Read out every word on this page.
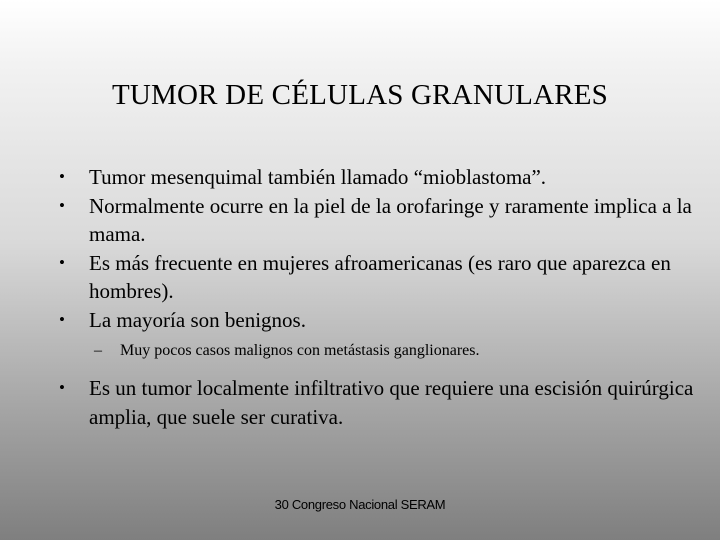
TUMOR DE CÉLULAS GRANULARES
• Tumor mesenquimal también llamado “mioblastoma”.
• Normalmente ocurre en la piel de la orofaringe y raramente implica a la mama.
• Es más frecuente en mujeres afroamericanas (es raro que aparezca en hombres).
• La mayoría son benignos.
– Muy pocos casos malignos con metástasis ganglionares.
• Es un tumor localmente infiltrativo que requiere una escisión quirúrgica amplia, que suele ser curativa.
30 Congreso Nacional SERAM
